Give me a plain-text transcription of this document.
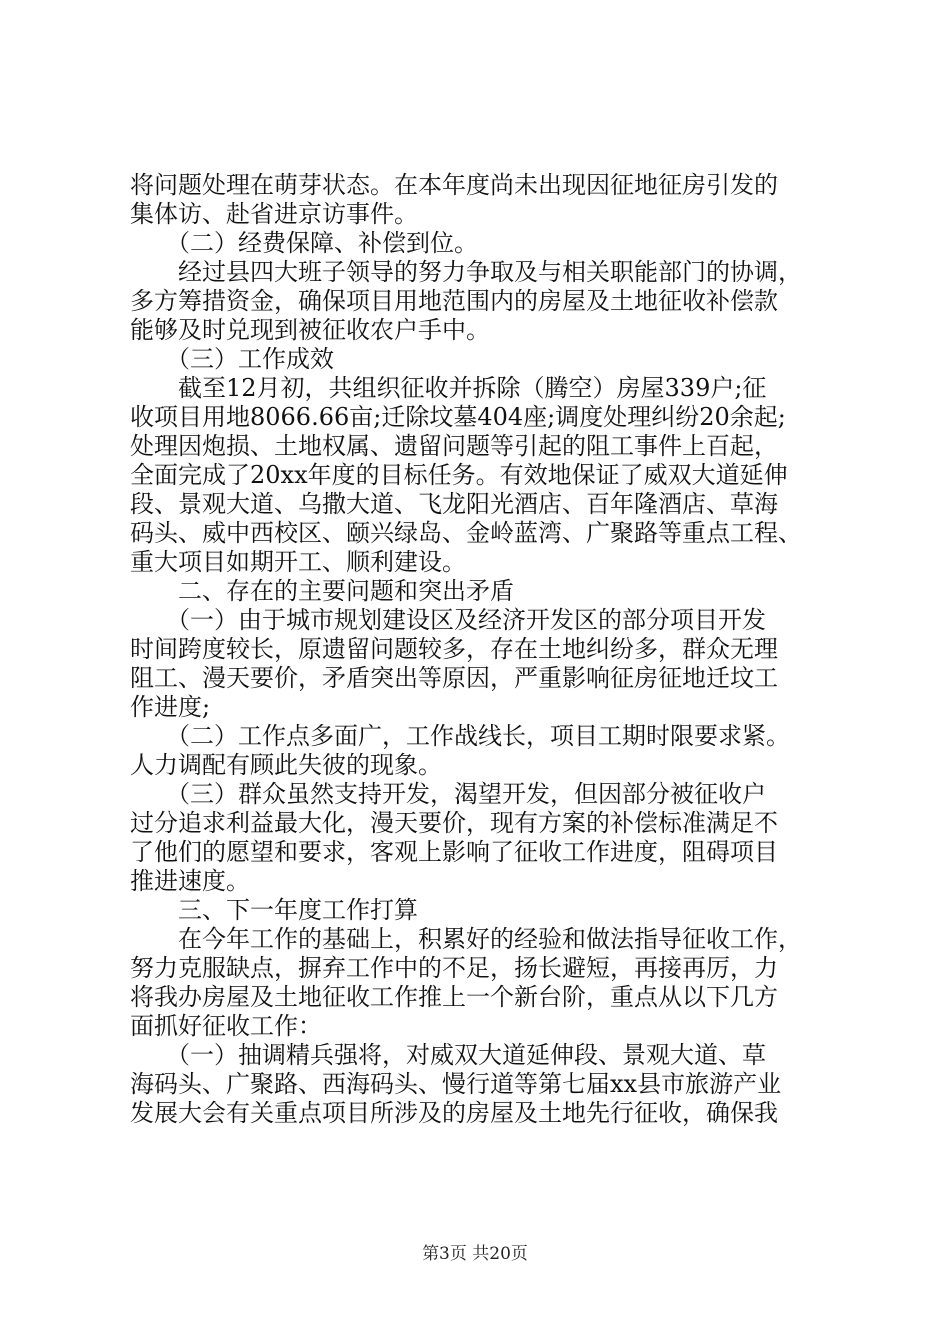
将问题处理在萌芽状态。在本年度尚未出现因征地征房引发的

集体访、赴省进京访事件。

　　（二）经费保障、补偿到位。

　　经过县四大班子领导的努力争取及与相关职能部门的协调，

多方筹措资金，确保项目用地范围内的房屋及土地征收补偿款

能够及时兑现到被征收农户手中。

　　（三）工作成效

　　截至12月初，共组织征收并拆除（腾空）房屋339户;征

收项目用地8066.66亩;迁除坟墓404座;调度处理纠纷20余起;

处理因炮损、土地权属、遗留问题等引起的阻工事件上百起，

全面完成了20xx年度的目标任务。有效地保证了威双大道延伸

段、景观大道、乌撒大道、飞龙阳光酒店、百年隆酒店、草海

码头、威中西校区、颐兴绿岛、金岭蓝湾、广聚路等重点工程、

重大项目如期开工、顺利建设。

　　二、存在的主要问题和突出矛盾

　　（一）由于城市规划建设区及经济开发区的部分项目开发

时间跨度较长，原遗留问题较多，存在土地纠纷多，群众无理

阻工、漫天要价，矛盾突出等原因，严重影响征房征地迁坟工

作进度;

　　（二）工作点多面广，工作战线长，项目工期时限要求紧。

人力调配有顾此失彼的现象。

　　（三）群众虽然支持开发，渴望开发，但因部分被征收户

过分追求利益最大化，漫天要价，现有方案的补偿标准满足不

了他们的愿望和要求，客观上影响了征收工作进度，阻碍项目

推进速度。

　　三、下一年度工作打算

　　在今年工作的基础上，积累好的经验和做法指导征收工作，

努力克服缺点，摒弃工作中的不足，扬长避短，再接再厉，力

将我办房屋及土地征收工作推上一个新台阶，重点从以下几方

面抓好征收工作：

　　（一）抽调精兵强将，对威双大道延伸段、景观大道、草

海码头、广聚路、西海码头、慢行道等第七届xx县市旅游产业

发展大会有关重点项目所涉及的房屋及土地先行征收，确保我

第3页 共20页
